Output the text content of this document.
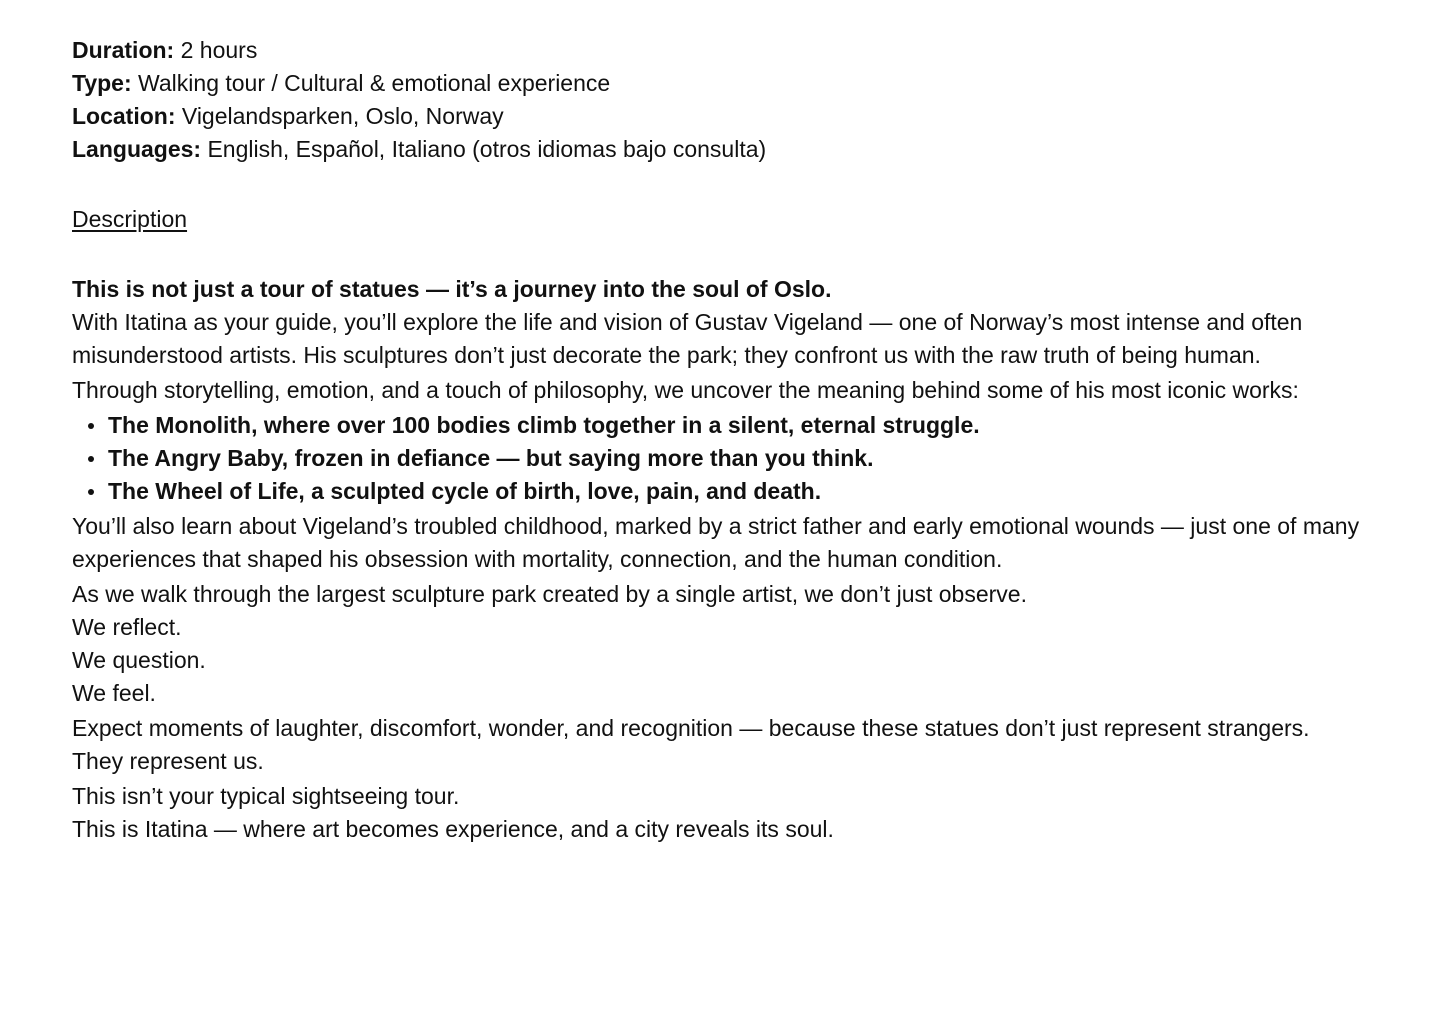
Duration: 2 hours

Type: Walking tour / Cultural & emotional experience

Location: Vigelandsparken, Oslo, Norway

Languages: English, Español, Italiano (otros idiomas bajo consulta)

Description

This is not just a tour of statues — it’s a journey into the soul of Oslo.

With Itatina as your guide, you’ll explore the life and vision of Gustav Vigeland — one of Norway’s most intense and often misunderstood artists. His sculptures don’t just decorate the park; they confront us with the raw truth of being human.

Through storytelling, emotion, and a touch of philosophy, we uncover the meaning behind some of his most iconic works:

The Monolith, where over 100 bodies climb together in a silent, eternal struggle.
The Angry Baby, frozen in defiance — but saying more than you think.
The Wheel of Life, a sculpted cycle of birth, love, pain, and death.

You’ll also learn about Vigeland’s troubled childhood, marked by a strict father and early emotional wounds — just one of many experiences that shaped his obsession with mortality, connection, and the human condition.

As we walk through the largest sculpture park created by a single artist, we don’t just observe.

We reflect.

We question.

We feel.

Expect moments of laughter, discomfort, wonder, and recognition — because these statues don’t just represent strangers.

They represent us.

This isn’t your typical sightseeing tour.

This is Itatina — where art becomes experience, and a city reveals its soul.
